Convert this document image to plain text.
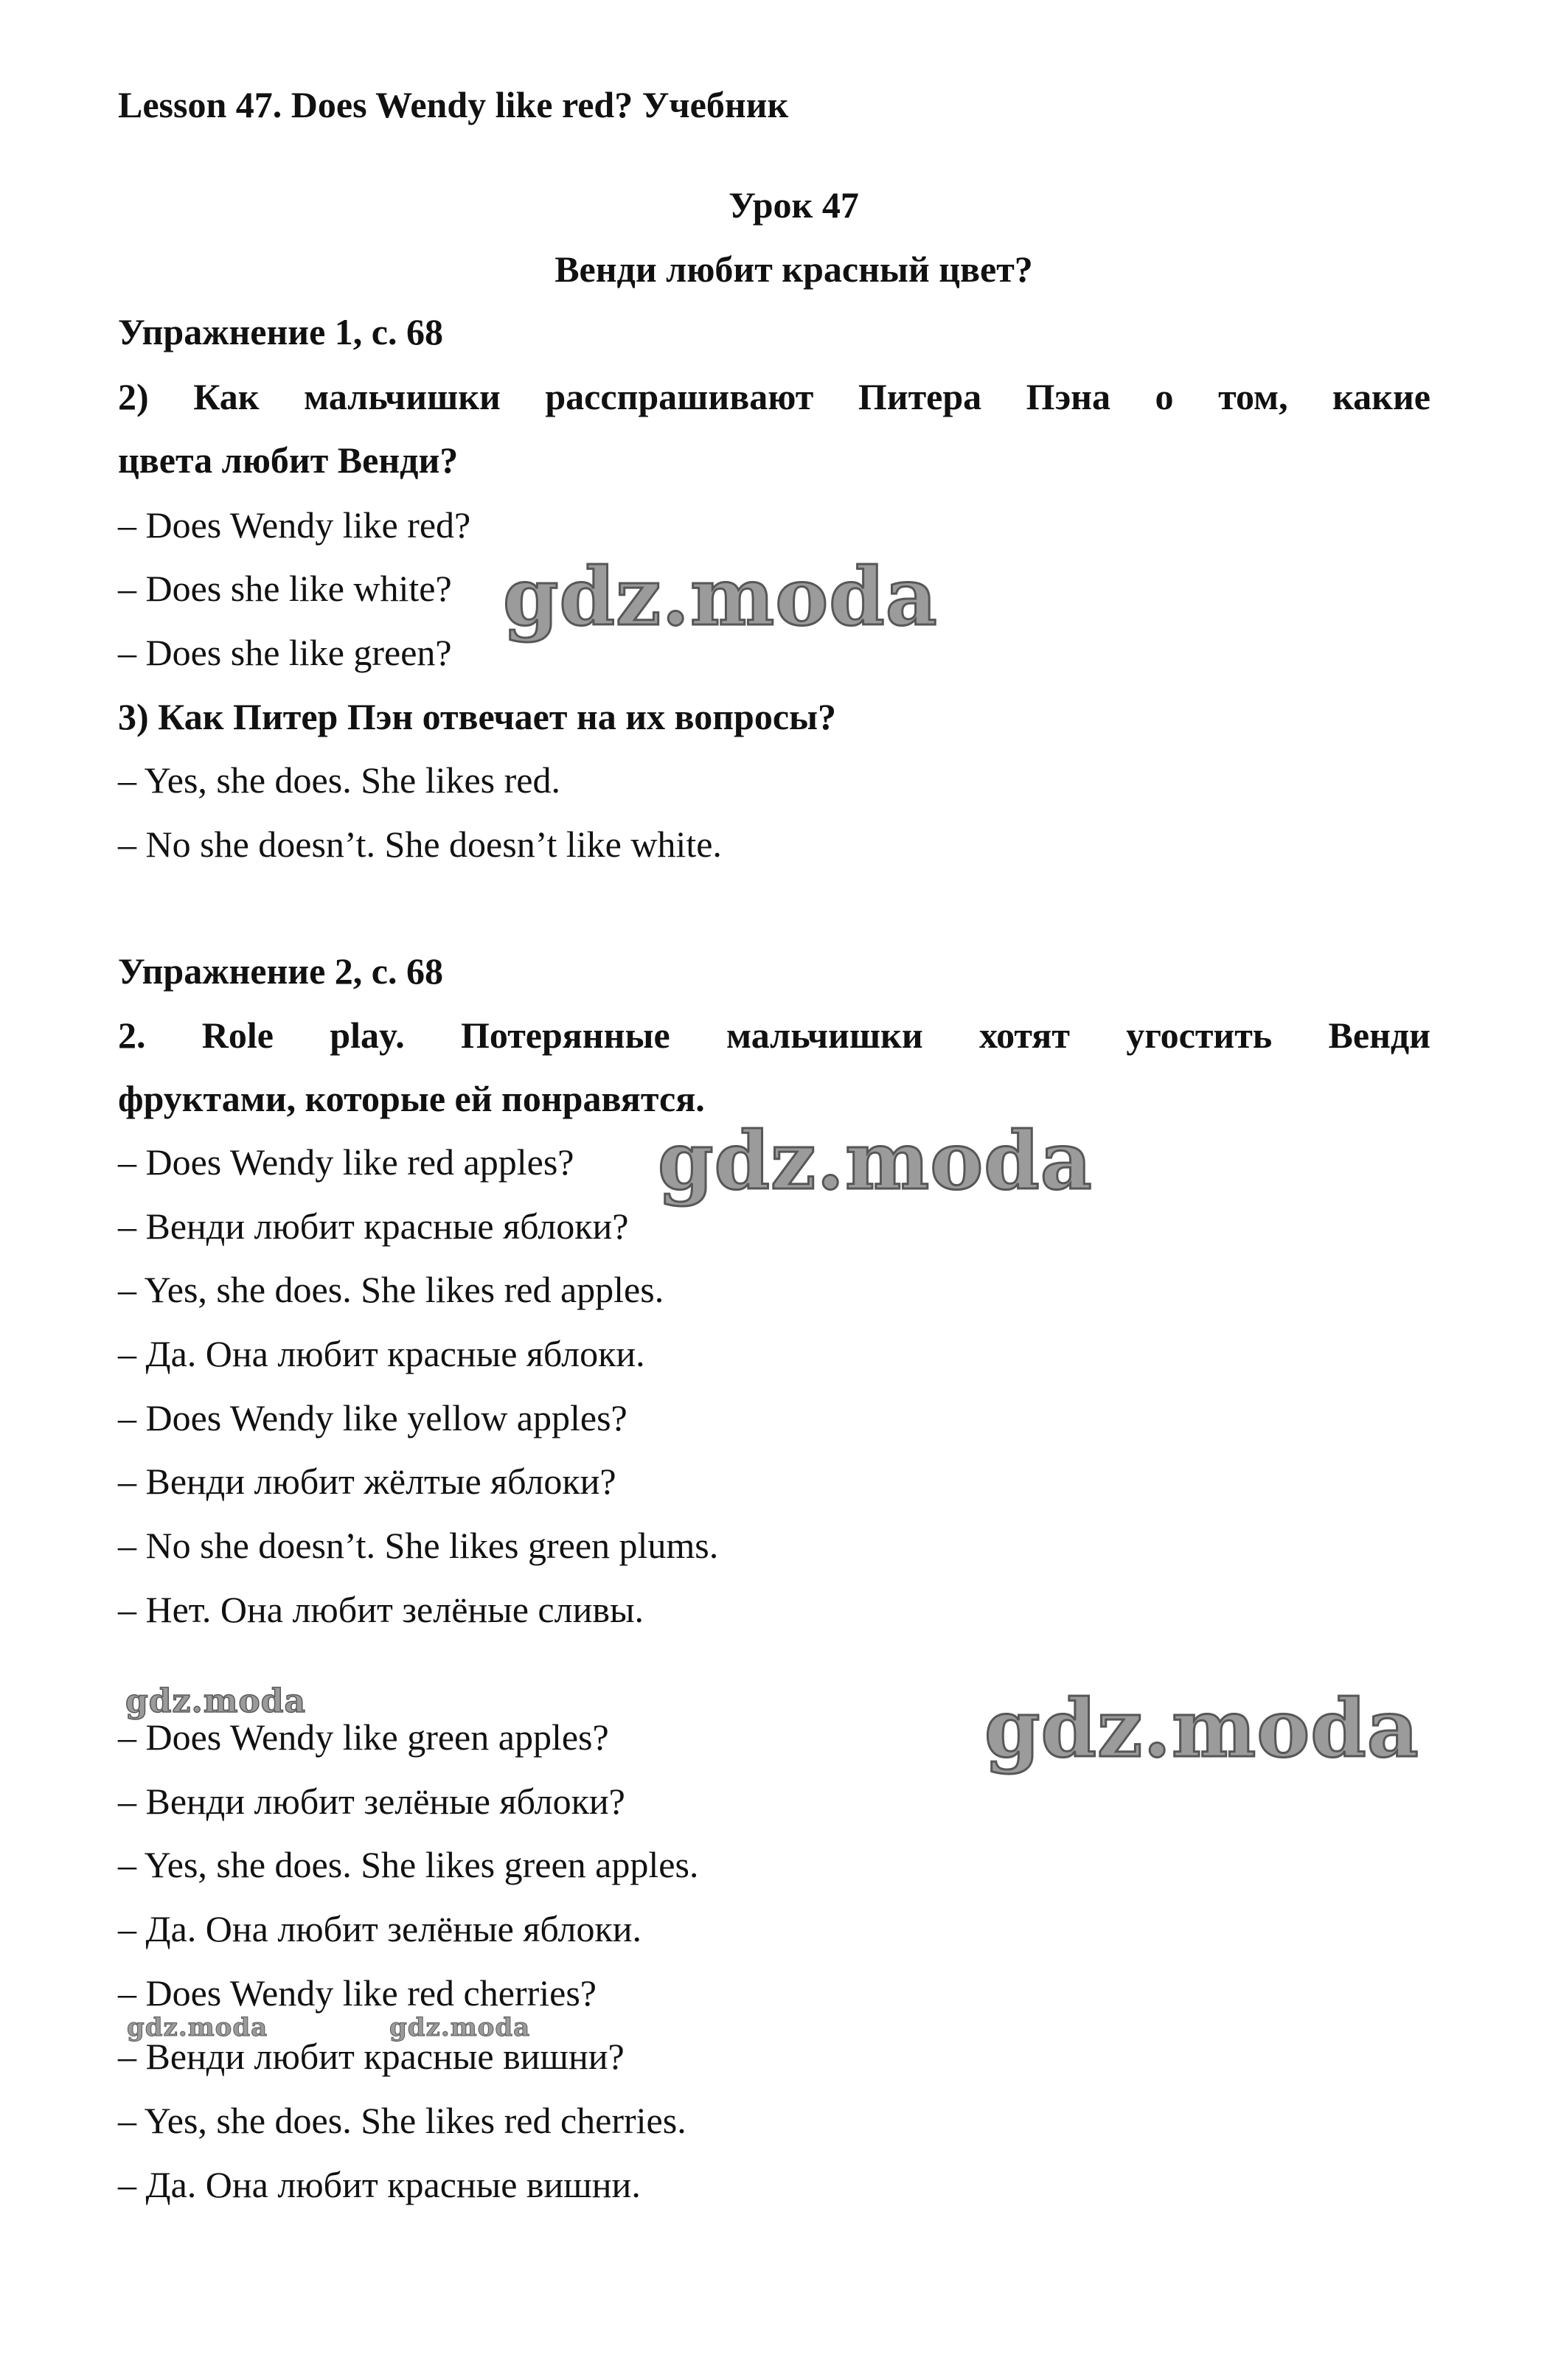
Lesson 47. Does Wendy like red? Учебник
Урок 47
Венди любит красный цвет?
Упражнение 1, с. 68
2) Как мальчишки расспрашивают Питера Пэна о том, какие
цвета любит Венди?
– Does Wendy like red?
– Does she like white?
– Does she like green?
3) Как Питер Пэн отвечает на их вопросы?
– Yes, she does. She likes red.
– No she doesn’t. She doesn’t like white.
Упражнение 2, с. 68
2. Role play. Потерянные мальчишки хотят угостить Венди
фруктами, которые ей понравятся.
– Does Wendy like red apples?
– Венди любит красные яблоки?
– Yes, she does. She likes red apples.
– Да. Она любит красные яблоки.
– Does Wendy like yellow apples?
– Венди любит жёлтые яблоки?
– No she doesn’t. She likes green plums.
– Нет. Она любит зелёные сливы.
– Does Wendy like green apples?
– Венди любит зелёные яблоки?
– Yes, she does. She likes green apples.
– Да. Она любит зелёные яблоки.
– Does Wendy like red cherries?
– Венди любит красные вишни?
– Yes, she does. She likes red cherries.
– Да. Она любит красные вишни.
gdz.moda
gdz.moda
gdz.moda
gdz.moda
gdz.moda	gdz.moda
